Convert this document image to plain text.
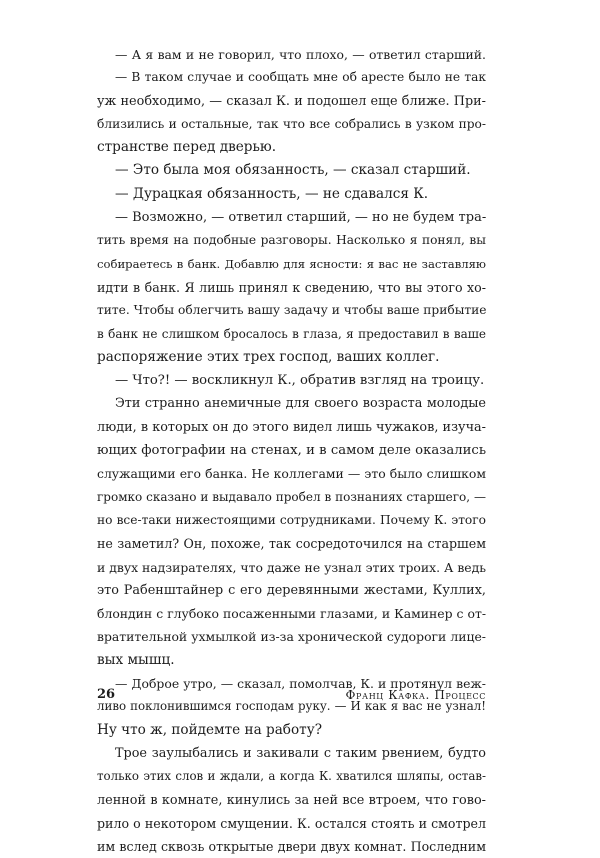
— А я вам и не говорил, что плохо, — ответил старший.
— В таком случае и сообщать мне об аресте было не так
уж необходимо, — сказал К. и подошел еще ближе. При-
близились и остальные, так что все собрались в узком про-
странстве перед дверью.
— Это была моя обязанность, — сказал старший.
— Дурацкая обязанность, — не сдавался К.
— Возможно, — ответил старший, — но не будем тра-
тить время на подобные разговоры. Насколько я понял, вы
собираетесь в банк. Добавлю для ясности: я вас не заставляю
идти в банк. Я лишь принял к сведению, что вы этого хо-
тите. Чтобы облегчить вашу задачу и чтобы ваше прибытие
в банк не слишком бросалось в глаза, я предоставил в ваше
распоряжение этих трех господ, ваших коллег.
— Что?! — воскликнул К., обратив взгляд на троицу.
Эти странно анемичные для своего возраста молодые
люди, в которых он до этого видел лишь чужаков, изуча-
ющих фотографии на стенах, и в самом деле оказались
служащими его банка. Не коллегами — это было слишком
громко сказано и выдавало пробел в познаниях старшего, —
но все-таки нижестоящими сотрудниками. Почему К. этого
не заметил? Он, похоже, так сосредоточился на старшем
и двух надзирателях, что даже не узнал этих троих. А ведь
это Рабенштайнер с его деревянными жестами, Куллих,
блондин с глубоко посаженными глазами, и Каминер с от-
вратительной ухмылкой из-за хронической судороги лице-
вых мышц.
— Доброе утро, — сказал, помолчав, К. и протянул веж-
ливо поклонившимся господам руку. — И как я вас не узнал!
Ну что ж, пойдемте на работу?
Трое заулыбались и закивали с таким рвением, будто
только этих слов и ждали, а когда К. хватился шляпы, остав-
ленной в комнате, кинулись за ней все втроем, что гово-
рило о некотором смущении. К. остался стоять и смотрел
им вслед сквозь открытые двери двух комнат. Последним
26	Франц Кафка. Процесс
